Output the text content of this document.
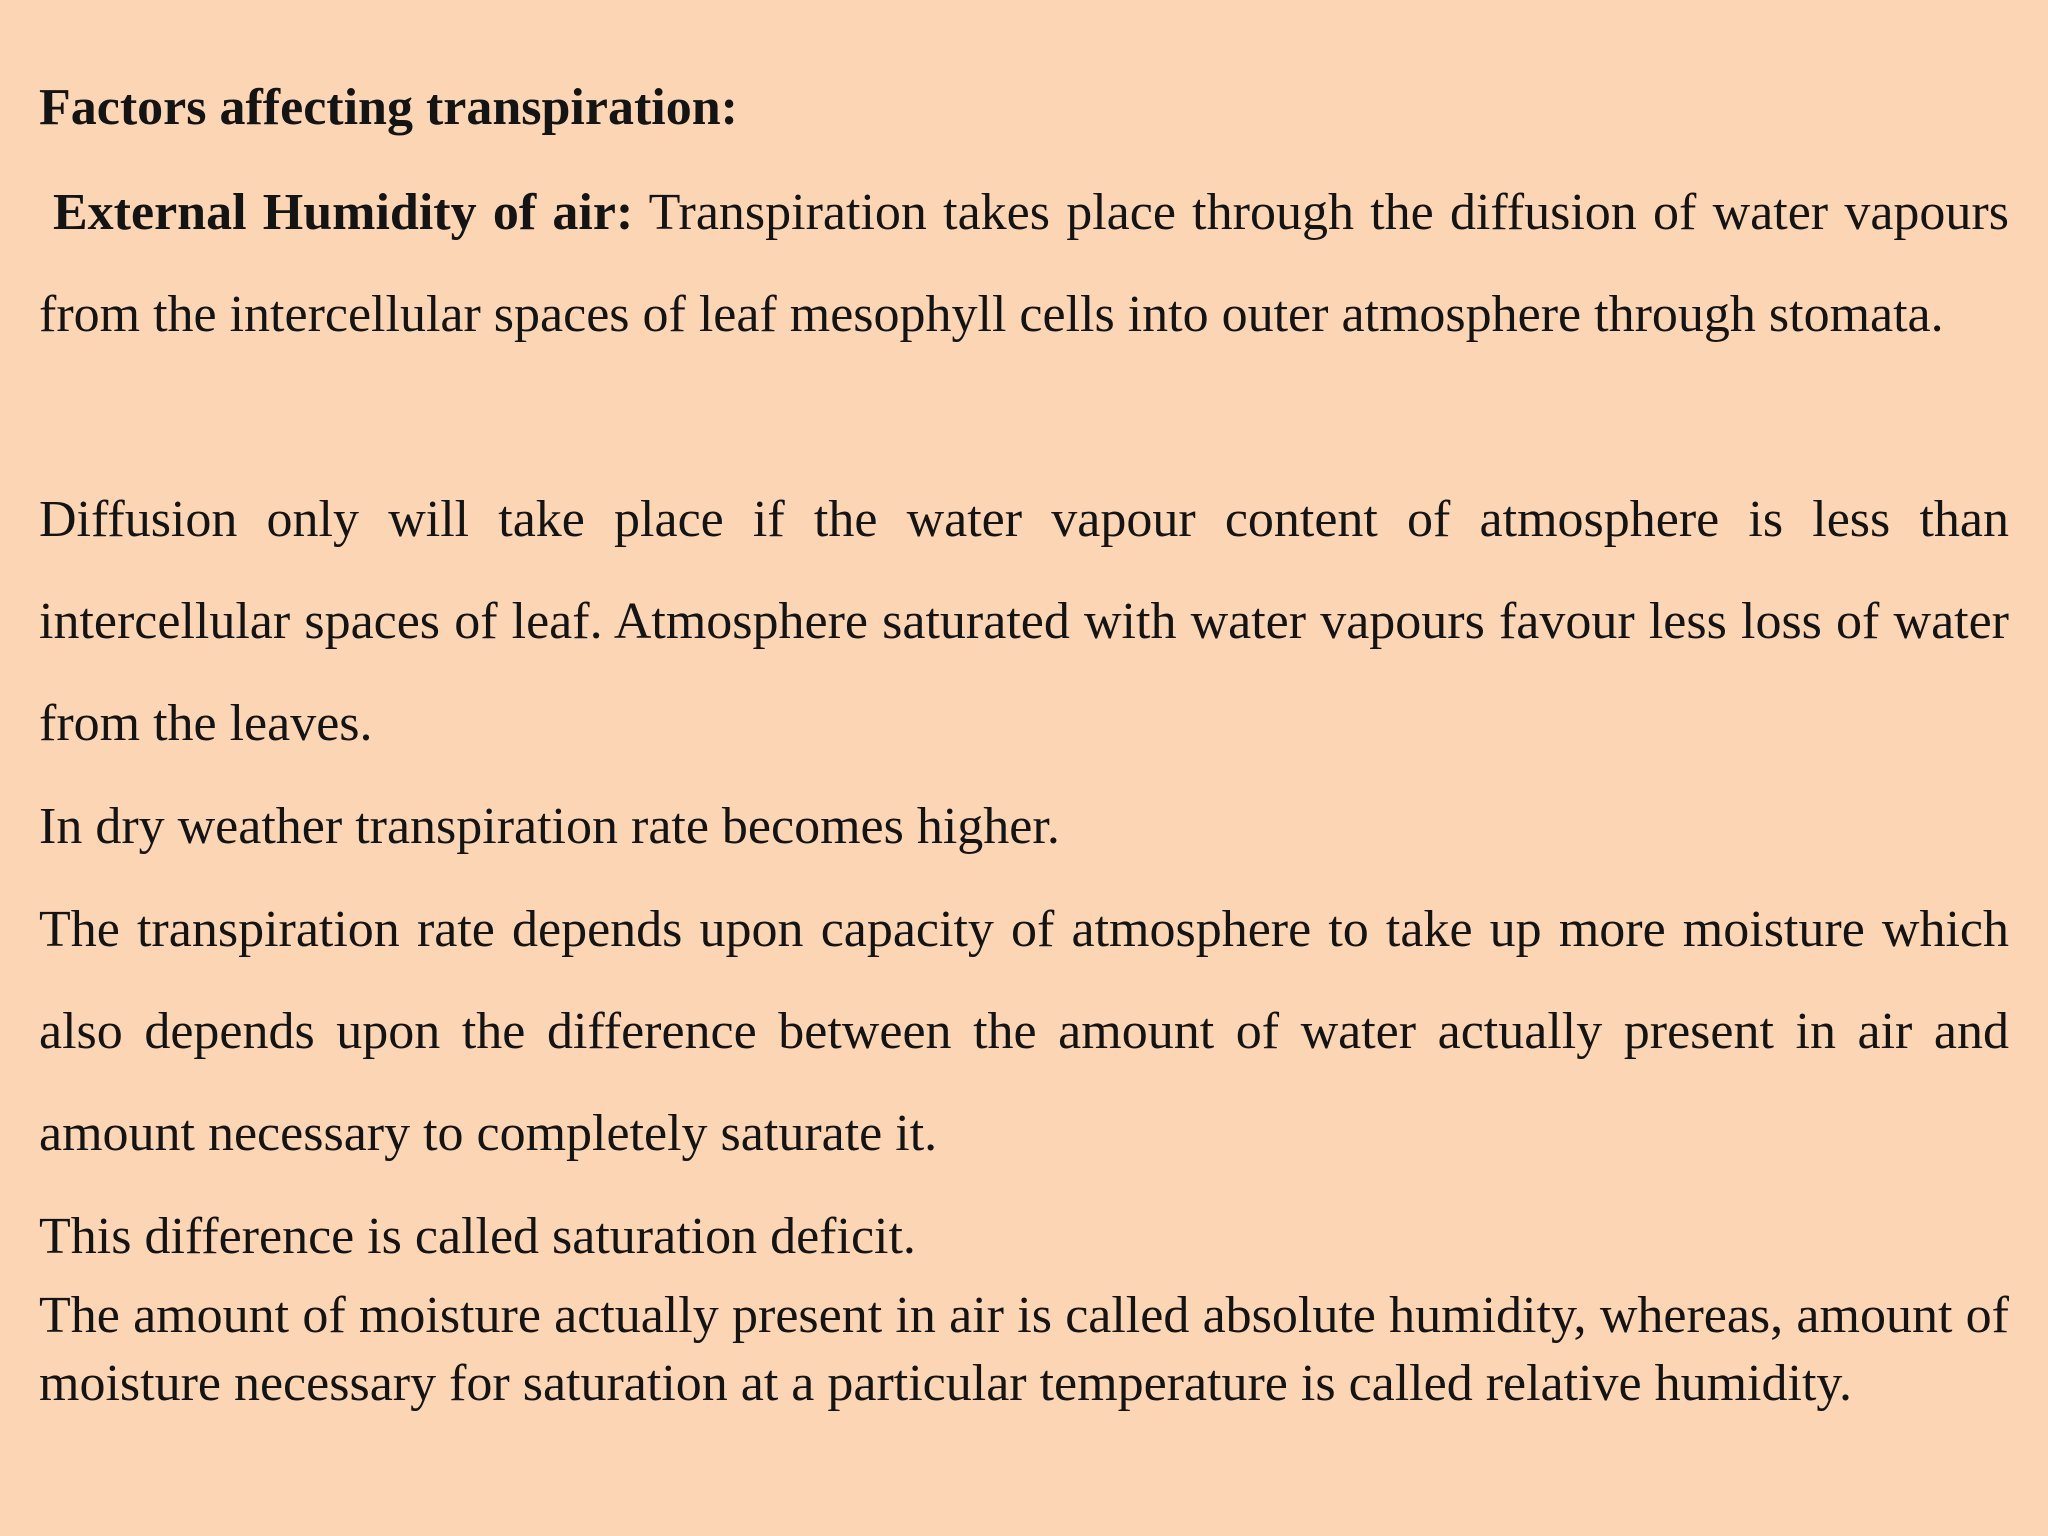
Factors affecting transpiration:

External Humidity of air: Transpiration takes place through the diffusion of water vapours from the intercellular spaces of leaf mesophyll cells into outer atmosphere through stomata.

Diffusion only will take place if the water vapour content of atmosphere is less than intercellular spaces of leaf. Atmosphere saturated with water vapours favour less loss of water from the leaves.

In dry weather transpiration rate becomes higher.

The transpiration rate depends upon capacity of atmosphere to take up more moisture which also depends upon the difference between the amount of water actually present in air and amount necessary to completely saturate it.

This difference is called saturation deficit.

The amount of moisture actually present in air is called absolute humidity, whereas, amount of moisture necessary for saturation at a particular temperature is called relative humidity.
